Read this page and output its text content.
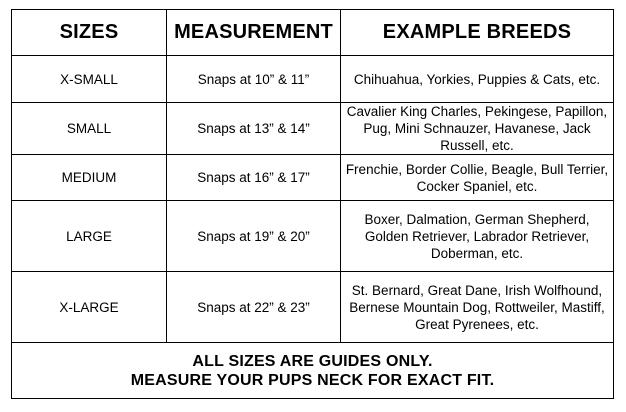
SIZES	MEASUREMENT	EXAMPLE BREEDS
X-SMALL	Snaps at 10” & 11”	Chihuahua, Yorkies, Puppies & Cats, etc.
SMALL	Snaps at 13” & 14”	Cavalier King Charles, Pekingese, Papillon, Pug, Mini Schnauzer, Havanese, Jack Russell, etc.
MEDIUM	Snaps at 16” & 17”	Frenchie, Border Collie, Beagle, Bull Terrier, Cocker Spaniel, etc.
LARGE	Snaps at 19” & 20”	Boxer, Dalmation, German Shepherd, Golden Retriever, Labrador Retriever, Doberman, etc.
X-LARGE	Snaps at 22” & 23”	St. Bernard, Great Dane, Irish Wolfhound, Bernese Mountain Dog, Rottweiler, Mastiff, Great Pyrenees, etc.

ALL SIZES ARE GUIDES ONLY.
MEASURE YOUR PUPS NECK FOR EXACT FIT.		
